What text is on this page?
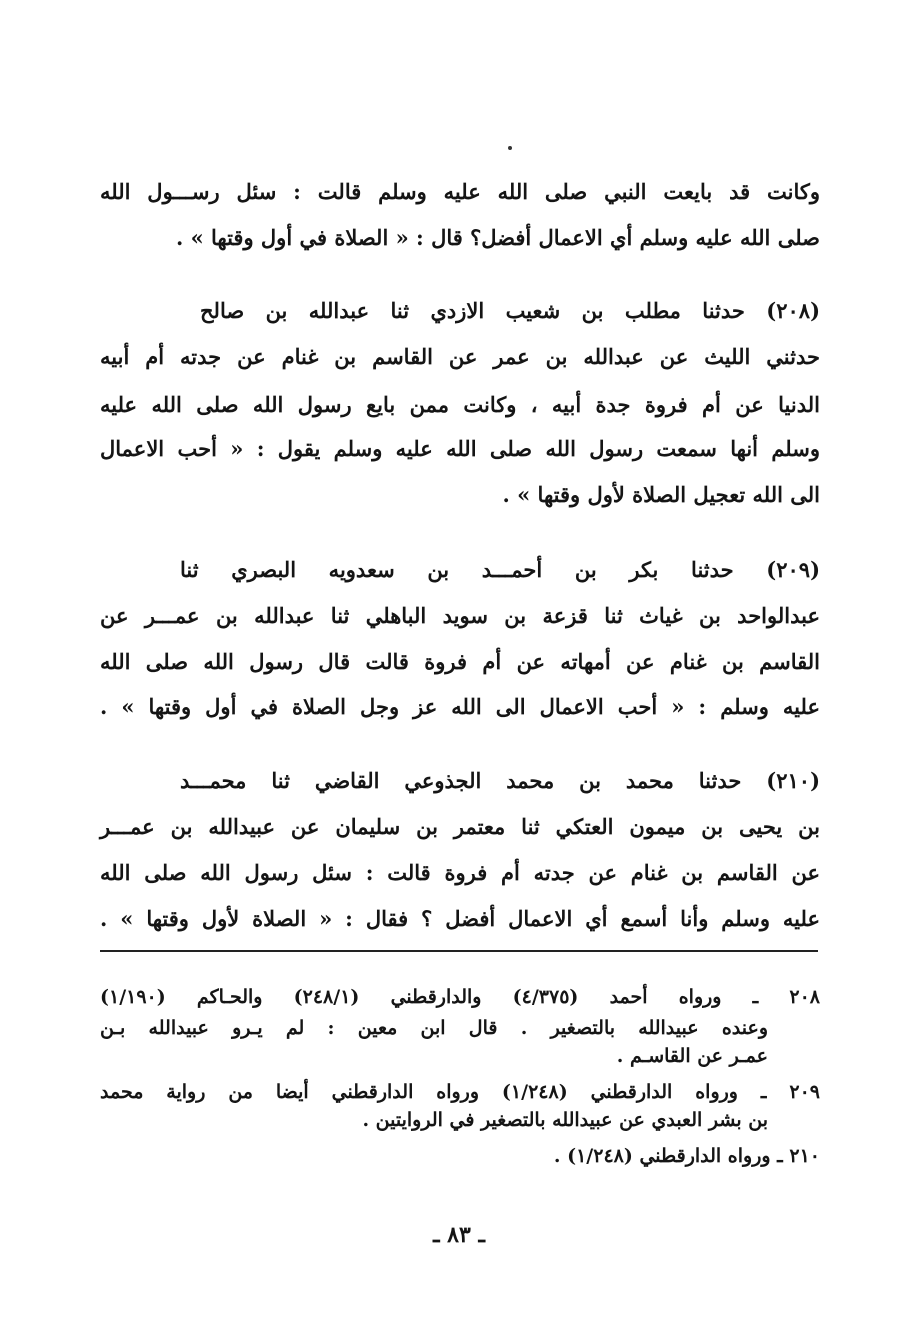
وكانت قد بايعت النبي صلى الله عليه وسلم قالت : سئل رســـول الله
صلى الله عليه وسلم أي الاعمال أفضل؟ قال : « الصلاة في أول وقتها » .
(٢٠٨) حدثنا مطلب بن شعيب الازدي ثنا عبدالله بن صالح
حدثني الليث عن عبدالله بن عمر عن القاسم بن غنام عن جدته أم أبيه
الدنيا عن أم فروة جدة أبيه ، وكانت ممن بايع رسول الله صلى الله عليه
وسلم أنها سمعت رسول الله صلى الله عليه وسلم يقول : « أحب الاعمال
الى الله تعجيل الصلاة لأول وقتها » .
(٢٠٩) حدثنا بكر بن أحمـــد بن سعدويه البصري ثنا
عبدالواحد بن غياث ثنا قزعة بن سويد الباهلي ثنا عبدالله بن عمـــر عن
القاسم بن غنام عن أمهاته عن أم فروة قالت قال رسول الله صلى الله
عليه وسلم : « أحب الاعمال الى الله عز وجل الصلاة في أول وقتها » .
(٢١٠) حدثنا محمد بن محمد الجذوعي القاضي ثنا محمـــد
بن يحيى بن ميمون العتكي ثنا معتمر بن سليمان عن عبيدالله بن عمـــر
عن القاسم بن غنام عن جدته أم فروة قالت : سئل رسول الله صلى الله
عليه وسلم وأنا أسمع أي الاعمال أفضل ؟ فقال : « الصلاة لأول وقتها » .
٢٠٨ ـ ورواه أحمد (٤/٣٧٥) والدارقطني (٢٤٨/١) والحـاكم (١/١٩٠)
وعنده عبيدالله بالتصغير . قال ابن معين : لم يـرو عبيدالله بـن
عمـر عن القاسـم .
٢٠٩ ـ ورواه الدارقطني (١/٢٤٨) ورواه الدارقطني أيضا من رواية محمد
بن بشر العبدي عن عبيدالله بالتصغير في الروايتين .
٢١٠ ـ ورواه الدارقطني (١/٢٤٨) .
ـ ٨٣ ـ
